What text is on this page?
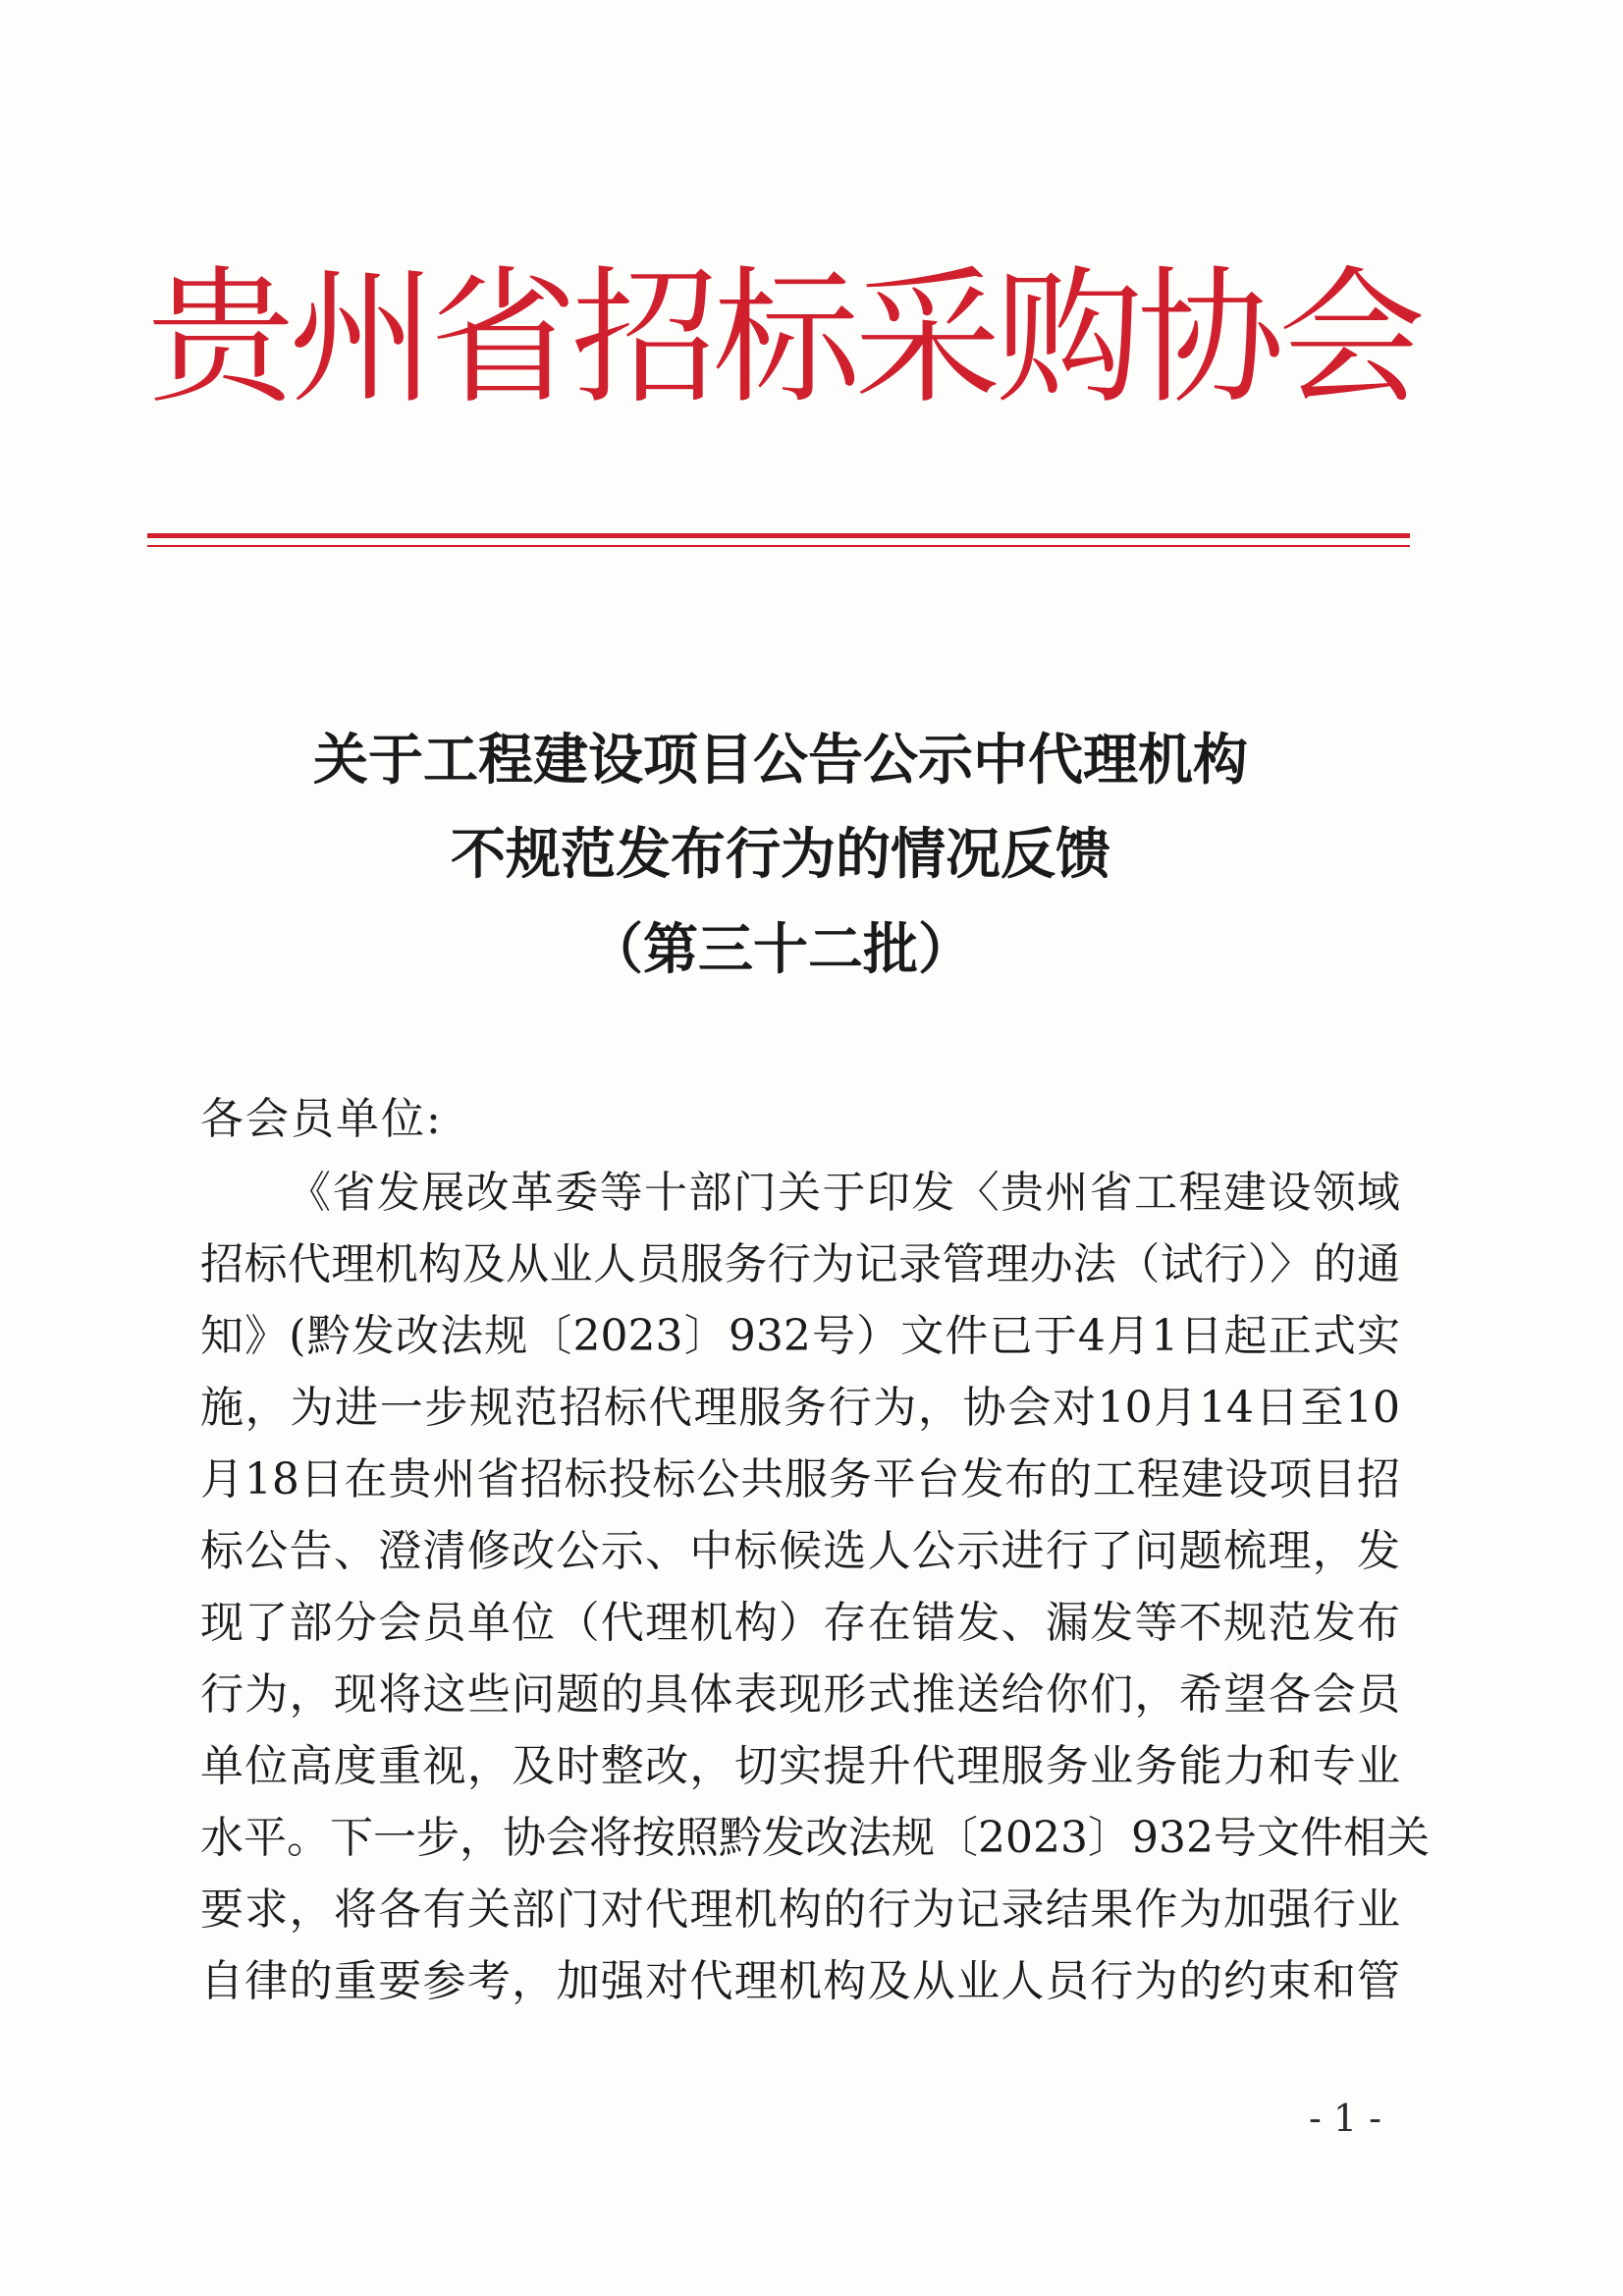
贵州省招标采购协会
关于工程建设项目公告公示中代理机构
不规范发布行为的情况反馈
（第三十二批）
各会员单位:
《省发展改革委等十部门关于印发〈贵州省工程建设领域
招标代理机构及从业人员服务行为记录管理办法（试行）〉的通
知》(黔发改法规〔2023〕932号）文件已于4月1日起正式实
施，为进一步规范招标代理服务行为，协会对10月14日至10
月18日在贵州省招标投标公共服务平台发布的工程建设项目招
标公告、澄清修改公示、中标候选人公示进行了问题梳理，发
现了部分会员单位（代理机构）存在错发、漏发等不规范发布
行为，现将这些问题的具体表现形式推送给你们，希望各会员
单位高度重视，及时整改，切实提升代理服务业务能力和专业
水平。下一步，协会将按照黔发改法规〔2023〕932号文件相关
要求，将各有关部门对代理机构的行为记录结果作为加强行业
自律的重要参考，加强对代理机构及从业人员行为的约束和管
- 1 -
